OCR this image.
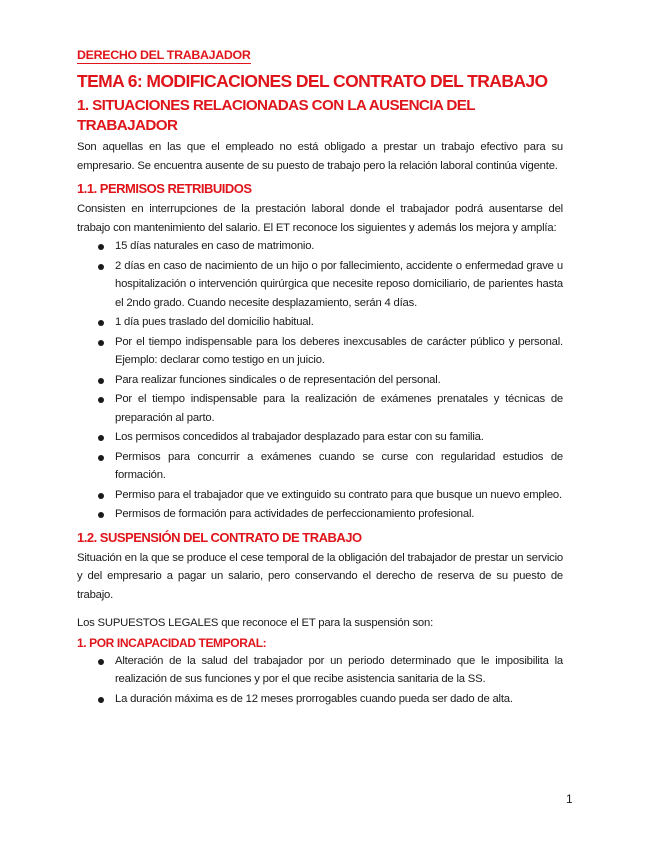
DERECHO DEL TRABAJADOR
TEMA 6: MODIFICACIONES DEL CONTRATO DEL TRABAJO
1. SITUACIONES RELACIONADAS CON LA AUSENCIA DEL TRABAJADOR

Son aquellas en las que el empleado no está obligado a prestar un trabajo efectivo para su empresario. Se encuentra ausente de su puesto de trabajo pero la relación laboral continúa vigente.

1.1. PERMISOS RETRIBUIDOS

Consisten en interrupciones de la prestación laboral donde el trabajador podrá ausentarse del trabajo con mantenimiento del salario. El ET reconoce los siguientes y además los mejora y amplía:

15 días naturales en caso de matrimonio.
2 días en caso de nacimiento de un hijo o por fallecimiento, accidente o enfermedad grave u hospitalización o intervención quirúrgica que necesite reposo domiciliario, de parientes hasta el 2ndo grado. Cuando necesite desplazamiento, serán 4 días.
1 día pues traslado del domicilio habitual.
Por el tiempo indispensable para los deberes inexcusables de carácter público y personal. Ejemplo: declarar como testigo en un juicio.
Para realizar funciones sindicales o de representación del personal.
Por el tiempo indispensable para la realización de exámenes prenatales y técnicas de preparación al parto.
Los permisos concedidos al trabajador desplazado para estar con su familia.
Permisos para concurrir a exámenes cuando se curse con regularidad estudios de formación.
Permiso para el trabajador que ve extinguido su contrato para que busque un nuevo empleo.
Permisos de formación para actividades de perfeccionamiento profesional.
1.2. SUSPENSIÓN DEL CONTRATO DE TRABAJO

Situación en la que se produce el cese temporal de la obligación del trabajador de prestar un servicio y del empresario a pagar un salario, pero conservando el derecho de reserva de su puesto de trabajo.

Los SUPUESTOS LEGALES que reconoce el ET para la suspensión son:

1. POR INCAPACIDAD TEMPORAL:
Alteración de la salud del trabajador por un periodo determinado que le imposibilita la realización de sus funciones y por el que recibe asistencia sanitaria de la SS.
La duración máxima es de 12 meses prorrogables cuando pueda ser dado de alta.
1
